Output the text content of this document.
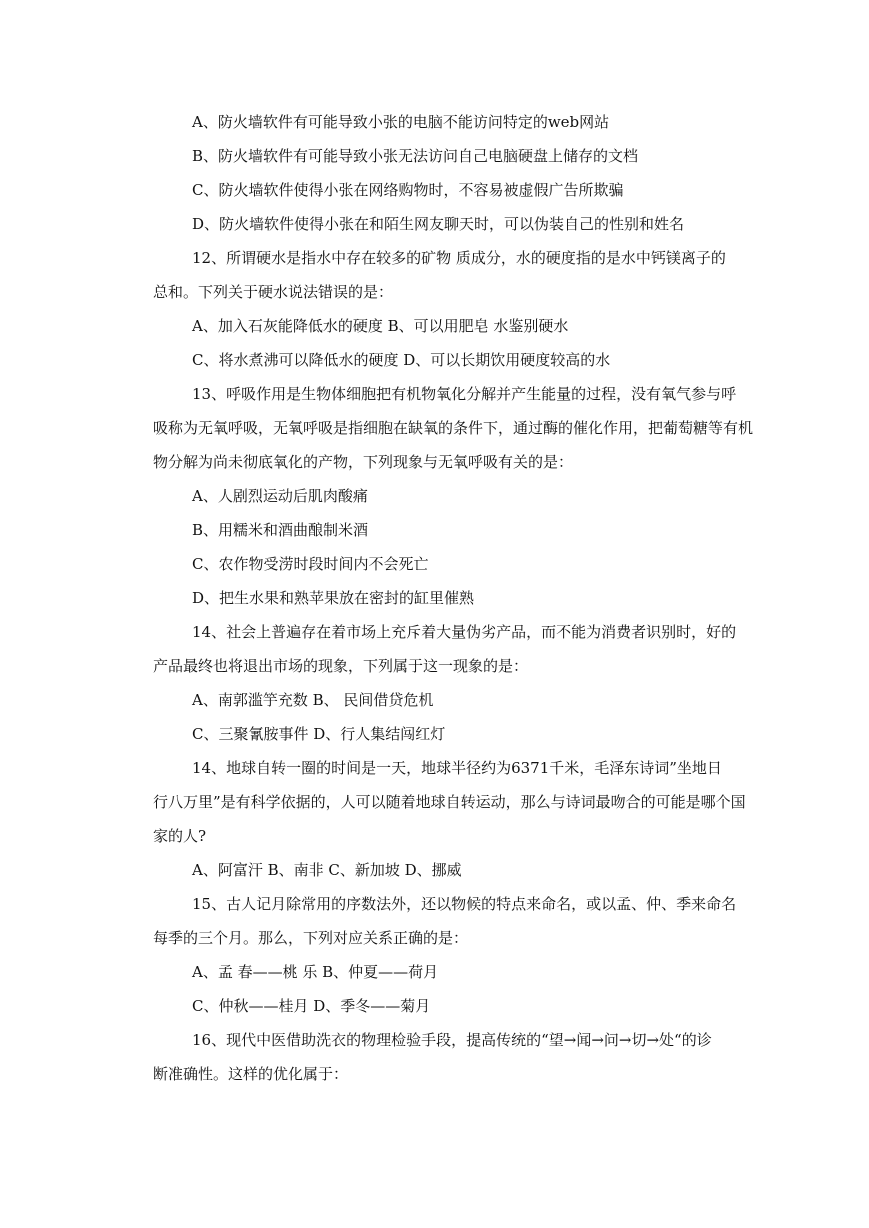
A、防火墙软件有可能导致小张的电脑不能访问特定的web网站
B、防火墙软件有可能导致小张无法访问自己电脑硬盘上储存的文档
C、防火墙软件使得小张在网络购物时，不容易被虚假广告所欺骗
D、防火墙软件使得小张在和陌生网友聊天时，可以伪装自己的性别和姓名
12、所谓硬水是指水中存在较多的矿物 质成分，水的硬度指的是水中钙镁离子的
总和。下列关于硬水说法错误的是：
A、加入石灰能降低水的硬度 B、可以用肥皂 水鉴别硬水
C、将水煮沸可以降低水的硬度 D、可以长期饮用硬度较高的水
13、呼吸作用是生物体细胞把有机物氧化分解并产生能量的过程，没有氧气参与呼
吸称为无氧呼吸，无氧呼吸是指细胞在缺氧的条件下，通过酶的催化作用，把葡萄糖等有机
物分解为尚未彻底氧化的产物，下列现象与无氧呼吸有关的是：
A、人剧烈运动后肌肉酸痛
B、用糯米和酒曲酿制米酒
C、农作物受涝时段时间内不会死亡
D、把生水果和熟苹果放在密封的缸里催熟
14、社会上普遍存在着市场上充斥着大量伪劣产品，而不能为消费者识别时，好的
产品最终也将退出市场的现象，下列属于这一现象的是：
A、南郭滥竽充数 B、 民间借贷危机
C、三聚氰胺事件 D、行人集结闯红灯
14、地球自转一圈的时间是一天，地球半径约为6371千米，毛泽东诗词”坐地日
行八万里”是有科学依据的，人可以随着地球自转运动，那么与诗词最吻合的可能是哪个国
家的人?
A、阿富汗 B、南非 C、新加坡 D、挪威
15、古人记月除常用的序数法外，还以物候的特点来命名，或以孟、仲、季来命名
每季的三个月。那么，下列对应关系正确的是：
A、孟 春——桃 乐 B、仲夏——荷月
C、仲秋——桂月 D、季冬——菊月
16、现代中医借助洗衣的物理检验手段，提高传统的“望→闻→问→切→处“的诊
断准确性。这样的优化属于：
